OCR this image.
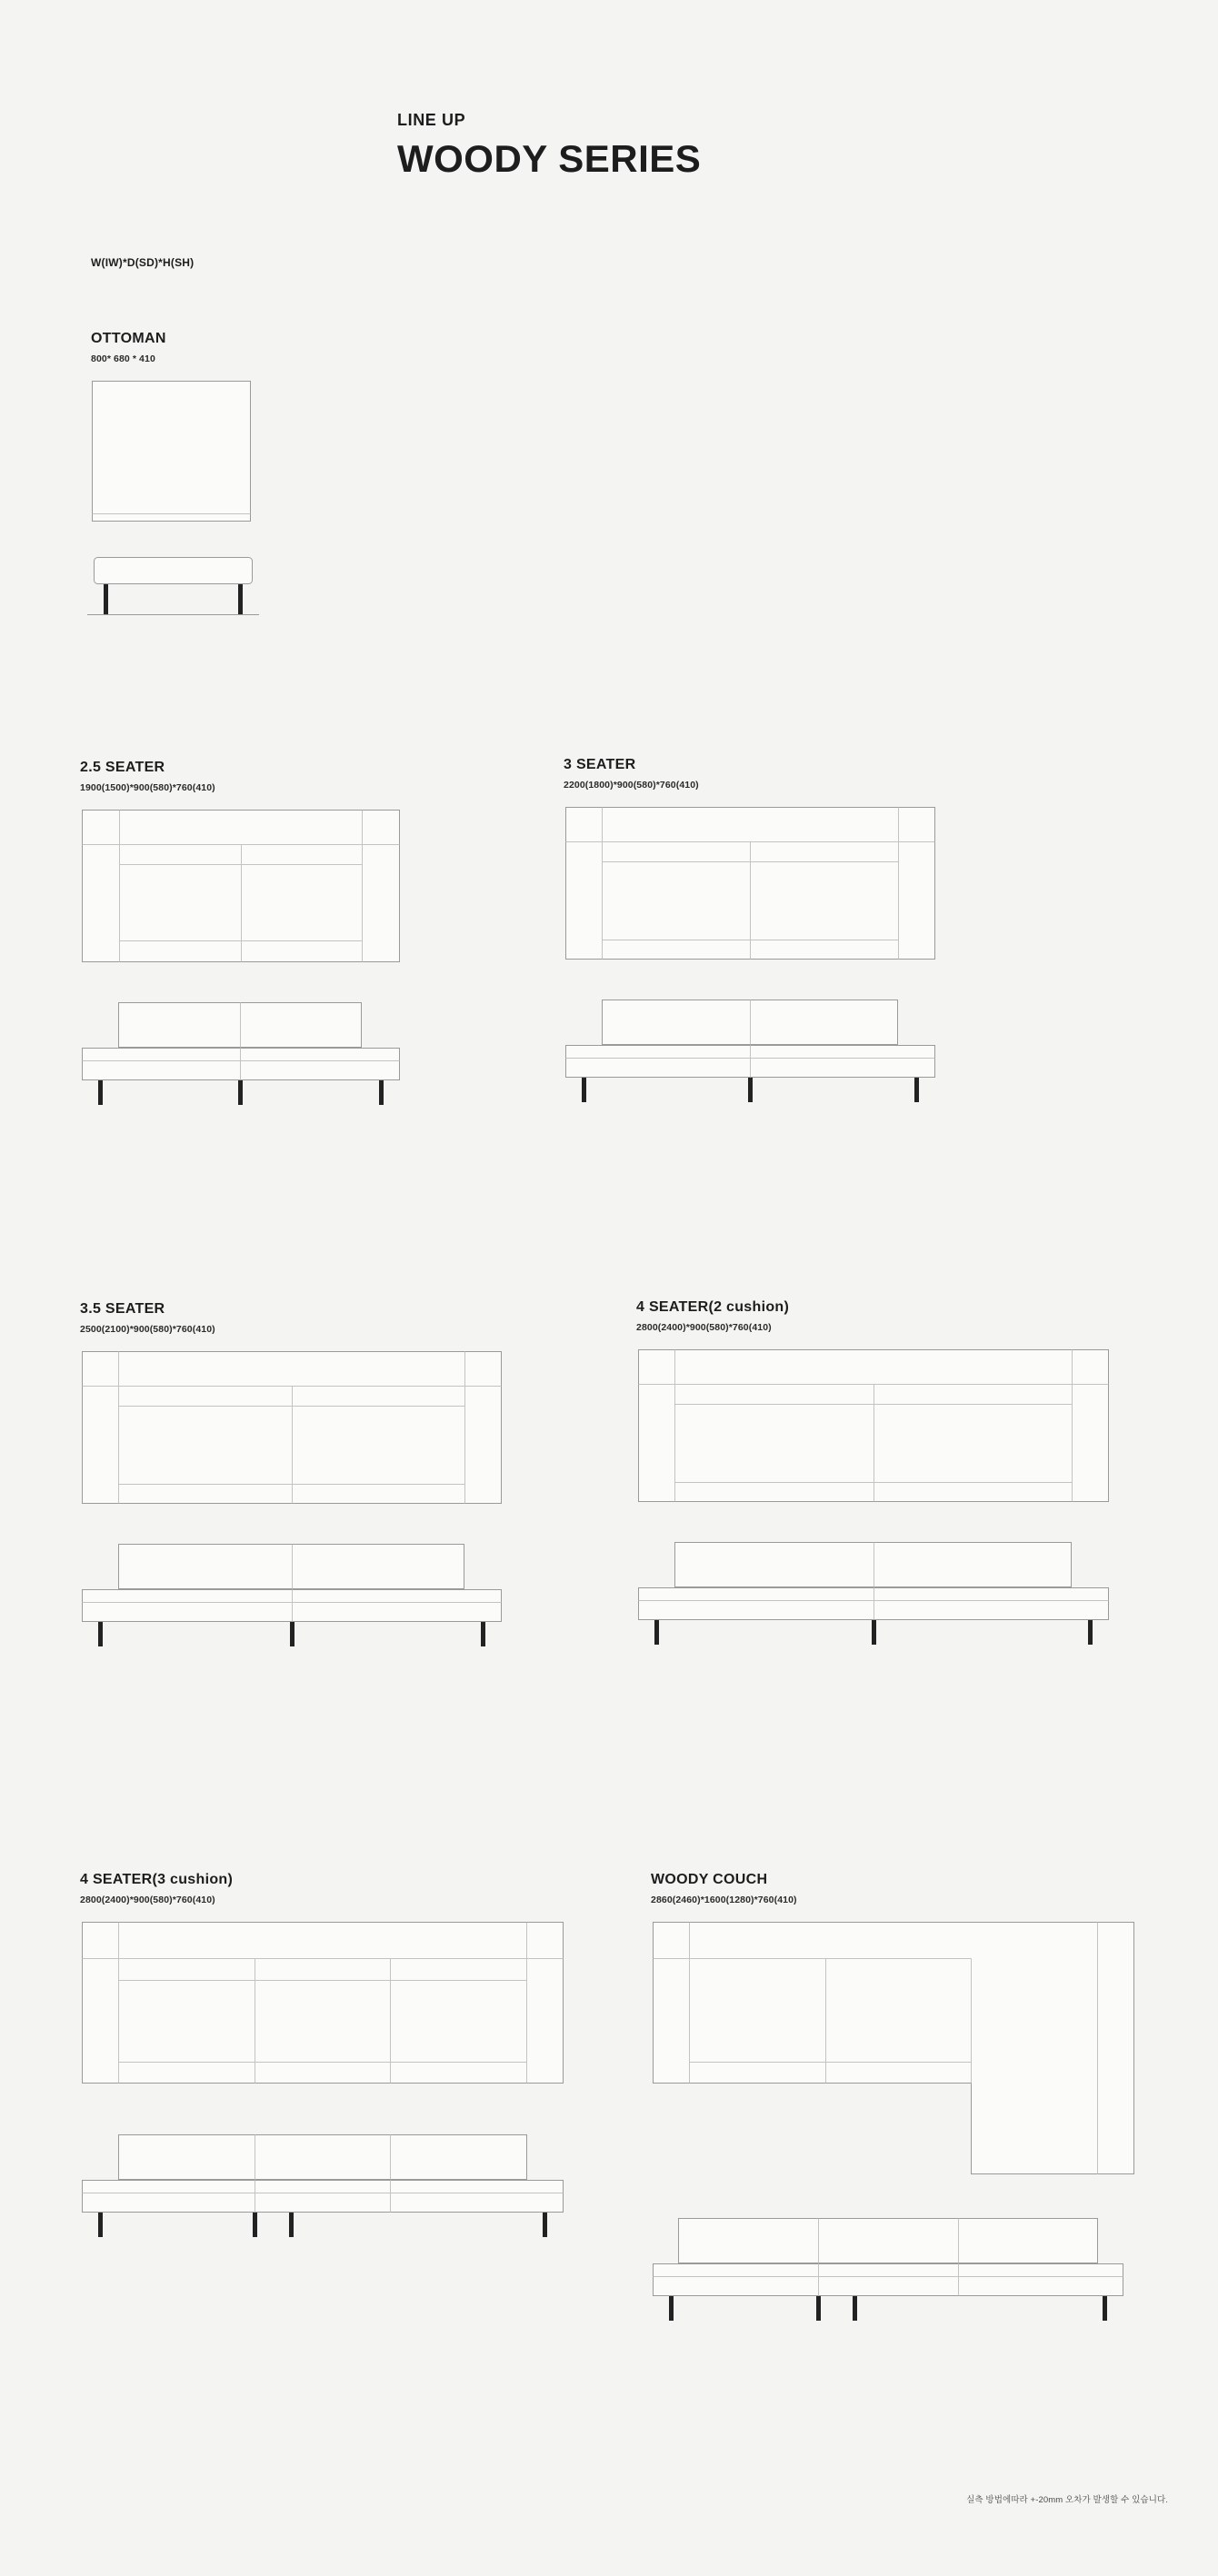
LINE UP
WOODY SERIES
W(IW)*D(SD)*H(SH)
OTTOMAN
800* 680 * 410
2.5 SEATER
1900(1500)*900(580)*760(410)
3 SEATER
2200(1800)*900(580)*760(410)
3.5 SEATER
2500(2100)*900(580)*760(410)
4 SEATER(2 cushion)
2800(2400)*900(580)*760(410)
4 SEATER(3 cushion)
2800(2400)*900(580)*760(410)
WOODY COUCH
2860(2460)*1600(1280)*760(410)
실측 방법에따라 +-20mm 오차가 발생할 수 있습니다.
